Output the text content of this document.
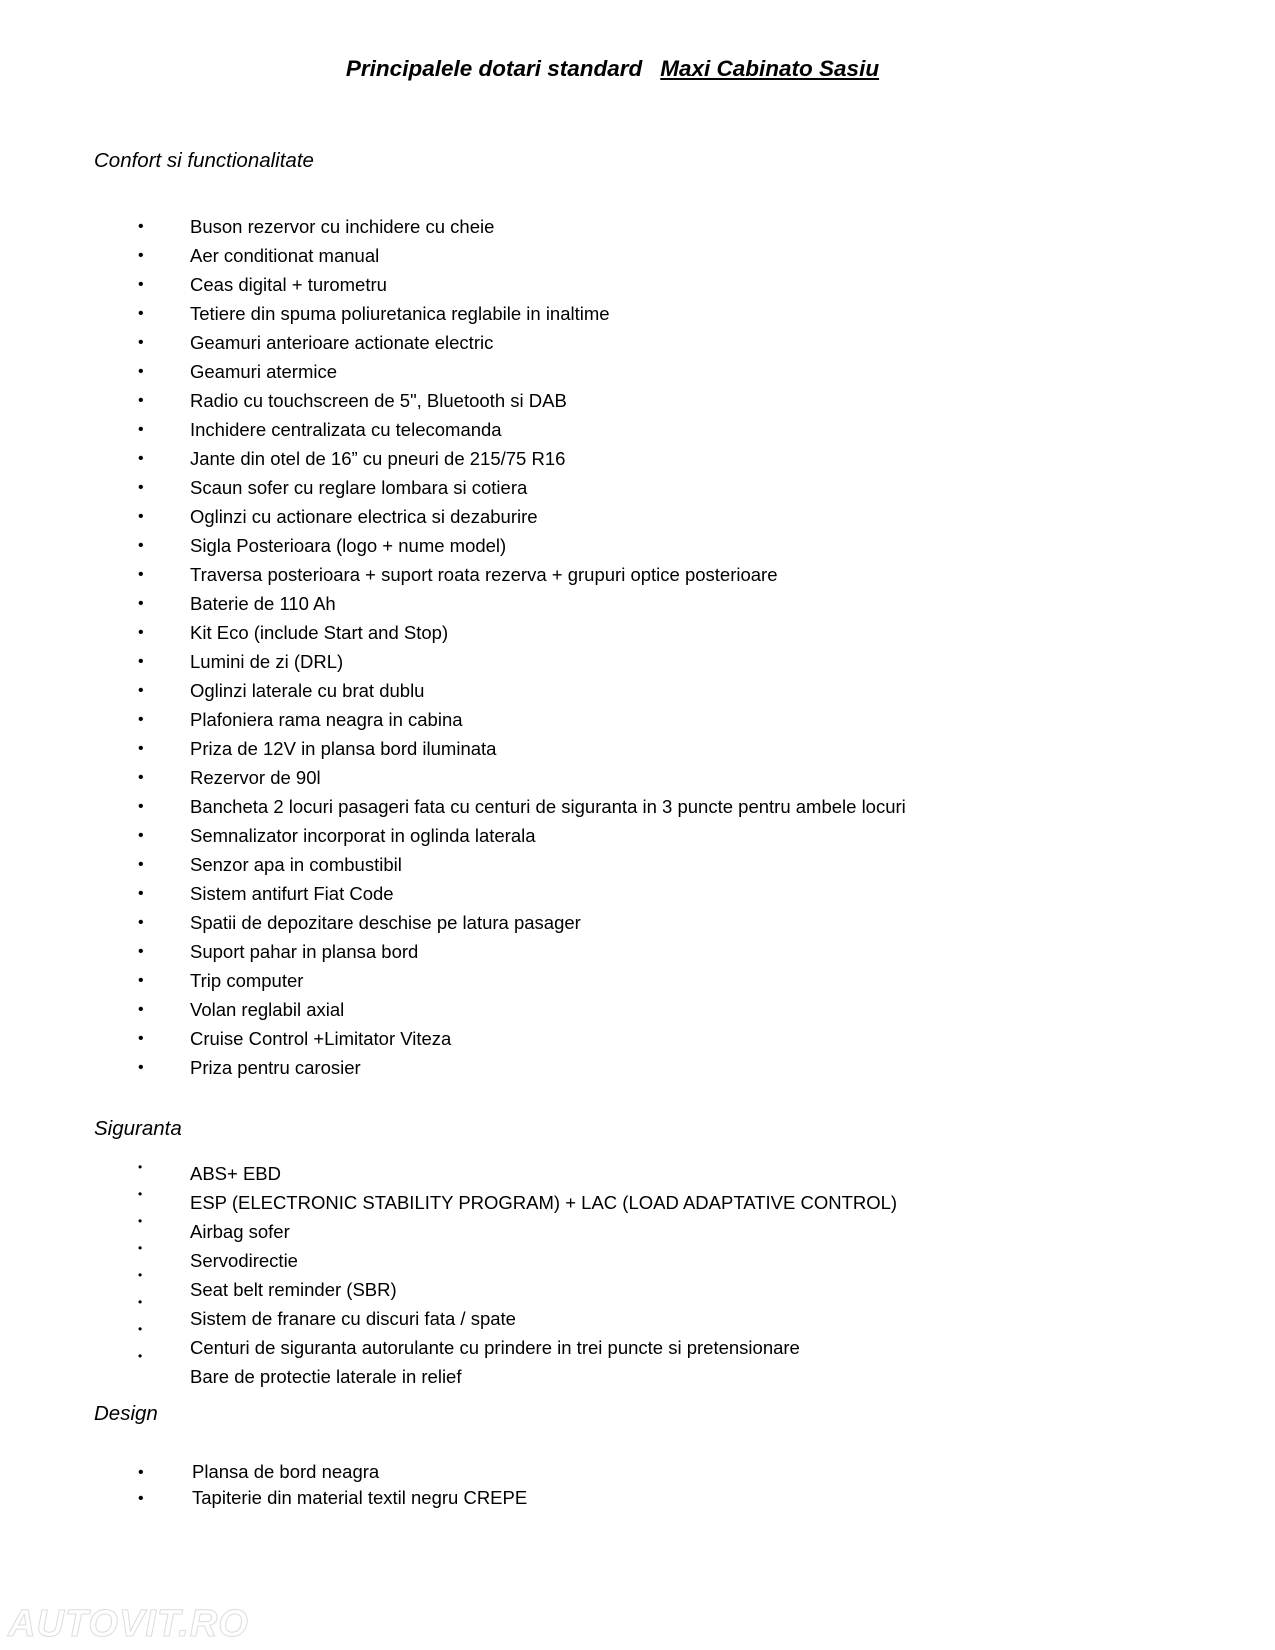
Principalele dotari standard Maxi Cabinato Sasiu
Confort si functionalitate
•	Buson rezervor cu inchidere cu cheie
•	Aer conditionat manual
•	Ceas digital + turometru
•	Tetiere din spuma poliuretanica reglabile in inaltime
•	Geamuri anterioare actionate electric
•	Geamuri atermice
•	Radio cu touchscreen de 5", Bluetooth si DAB
•	Inchidere centralizata cu telecomanda
•	Jante din otel de 16” cu pneuri de 215/75 R16
•	Scaun sofer cu reglare lombara si cotiera
•	Oglinzi cu actionare electrica si dezaburire
•	Sigla Posterioara (logo + nume model)
•	Traversa posterioara + suport roata rezerva + grupuri optice posterioare
•	Baterie de 110 Ah
•	Kit Eco (include Start and Stop)
•	Lumini de zi (DRL)
•	Oglinzi laterale cu brat dublu
•	Plafoniera rama neagra in cabina
•	Priza de 12V in plansa bord iluminata
•	Rezervor de 90l
•	Bancheta 2 locuri pasageri fata cu centuri de siguranta in 3 puncte pentru ambele locuri
•	Semnalizator incorporat in oglinda laterala
•	Senzor apa in combustibil
•	Sistem antifurt Fiat Code
•	Spatii de depozitare deschise pe latura pasager
•	Suport pahar in plansa bord
•	Trip computer
•	Volan reglabil axial
•	Cruise Control +Limitator Viteza
•	Priza pentru carosier
Siguranta
•
•
•
•
•
•
•
•
ABS+ EBD
ESP (ELECTRONIC STABILITY PROGRAM) + LAC (LOAD ADAPTATIVE CONTROL)
Airbag sofer
Servodirectie
Seat belt reminder (SBR)
Sistem de franare cu discuri fata / spate
Centuri de siguranta autorulante cu prindere in trei puncte si pretensionare
Bare de protectie laterale in relief
Design
•	Plansa de bord neagra
•	Tapiterie din material textil negru CREPE
AUTOVIT.RO
